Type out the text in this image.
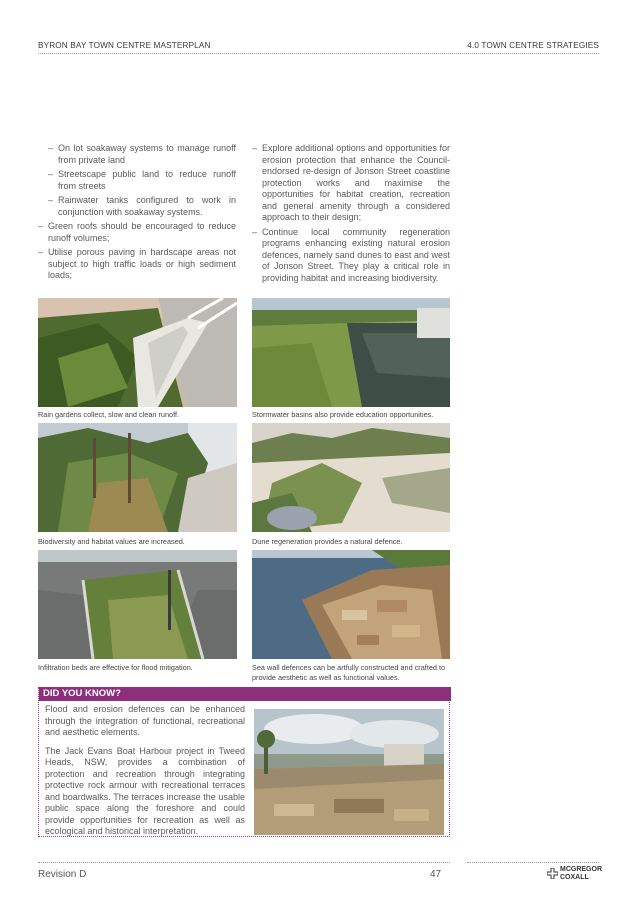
BYRON BAY TOWN CENTRE MASTERPLAN	4.0 TOWN CENTRE STRATEGIES
– On lot soakaway systems to manage runoff from private land
– Streetscape public land to reduce runoff from streets
– Rainwater tanks configured to work in conjunction with soakaway systems.
– Green roofs should be encouraged to reduce runoff volumes;
– Utilise porous paving in hardscape areas not subject to high traffic loads or high sediment loads;
– Explore additional options and opportunities for erosion protection that enhance the Council-endorsed re-design of Jonson Street coastline protection works and maximise the opportunities for habitat creation, recreation and general amenity through a considered approach to their design;
– Continue local community regeneration programs enhancing existing natural erosion defences, namely sand dunes to east and west of Jonson Street. They play a critical role in providing habitat and increasing biodiversity.
Rain gardens collect, slow and clean runoff.	Stormwater basins also provide education opportunities.
Biodiversity and habitat values are increased.	Dune regeneration provides a natural defence.
Infiltration beds are effective for flood mitigation.	Sea wall defences can be artfully constructed and crafted to provide aesthetic as well as functional values.
DID YOU KNOW?

Flood and erosion defences can be enhanced through the integration of functional, recreational and aesthetic elements.

The Jack Evans Boat Harbour project in Tweed Heads, NSW, provides a combination of protection and recreation through integrating protective rock armour with recreational terraces and boardwalks. The terraces increase the usable public space along the foreshore and could provide opportunities for recreation as well as ecological and historical interpretation.

Revision D	47	MCGREGOR
COXALL
